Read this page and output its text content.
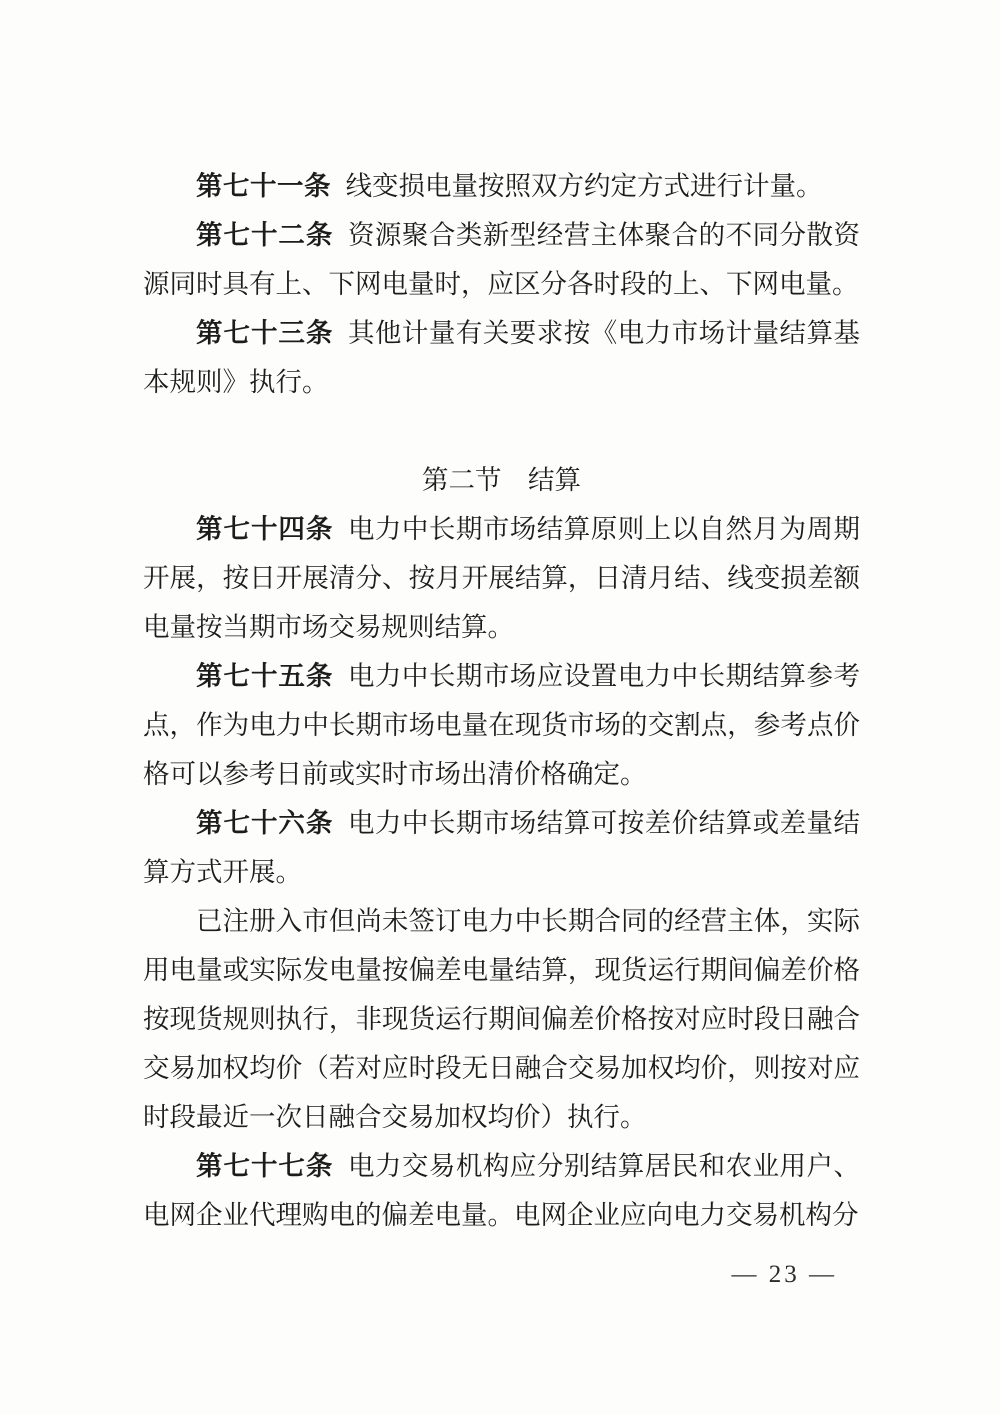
第七十一条 线变损电量按照双方约定方式进行计量。

第七十二条 资源聚合类新型经营主体聚合的不同分散资源同时具有上、下网电量时，应区分各时段的上、下网电量。

第七十三条 其他计量有关要求按《电力市场计量结算基本规则》执行。

第二节　结算

第七十四条 电力中长期市场结算原则上以自然月为周期开展，按日开展清分、按月开展结算，日清月结、线变损差额电量按当期市场交易规则结算。

第七十五条 电力中长期市场应设置电力中长期结算参考点，作为电力中长期市场电量在现货市场的交割点，参考点价格可以参考日前或实时市场出清价格确定。

第七十六条 电力中长期市场结算可按差价结算或差量结算方式开展。

已注册入市但尚未签订电力中长期合同的经营主体，实际用电量或实际发电量按偏差电量结算，现货运行期间偏差价格按现货规则执行，非现货运行期间偏差价格按对应时段日融合交易加权均价（若对应时段无日融合交易加权均价，则按对应时段最近一次日融合交易加权均价）执行。

第七十七条 电力交易机构应分别结算居民和农业用户、电网企业代理购电的偏差电量。电网企业应向电力交易机构分

— 23 —
